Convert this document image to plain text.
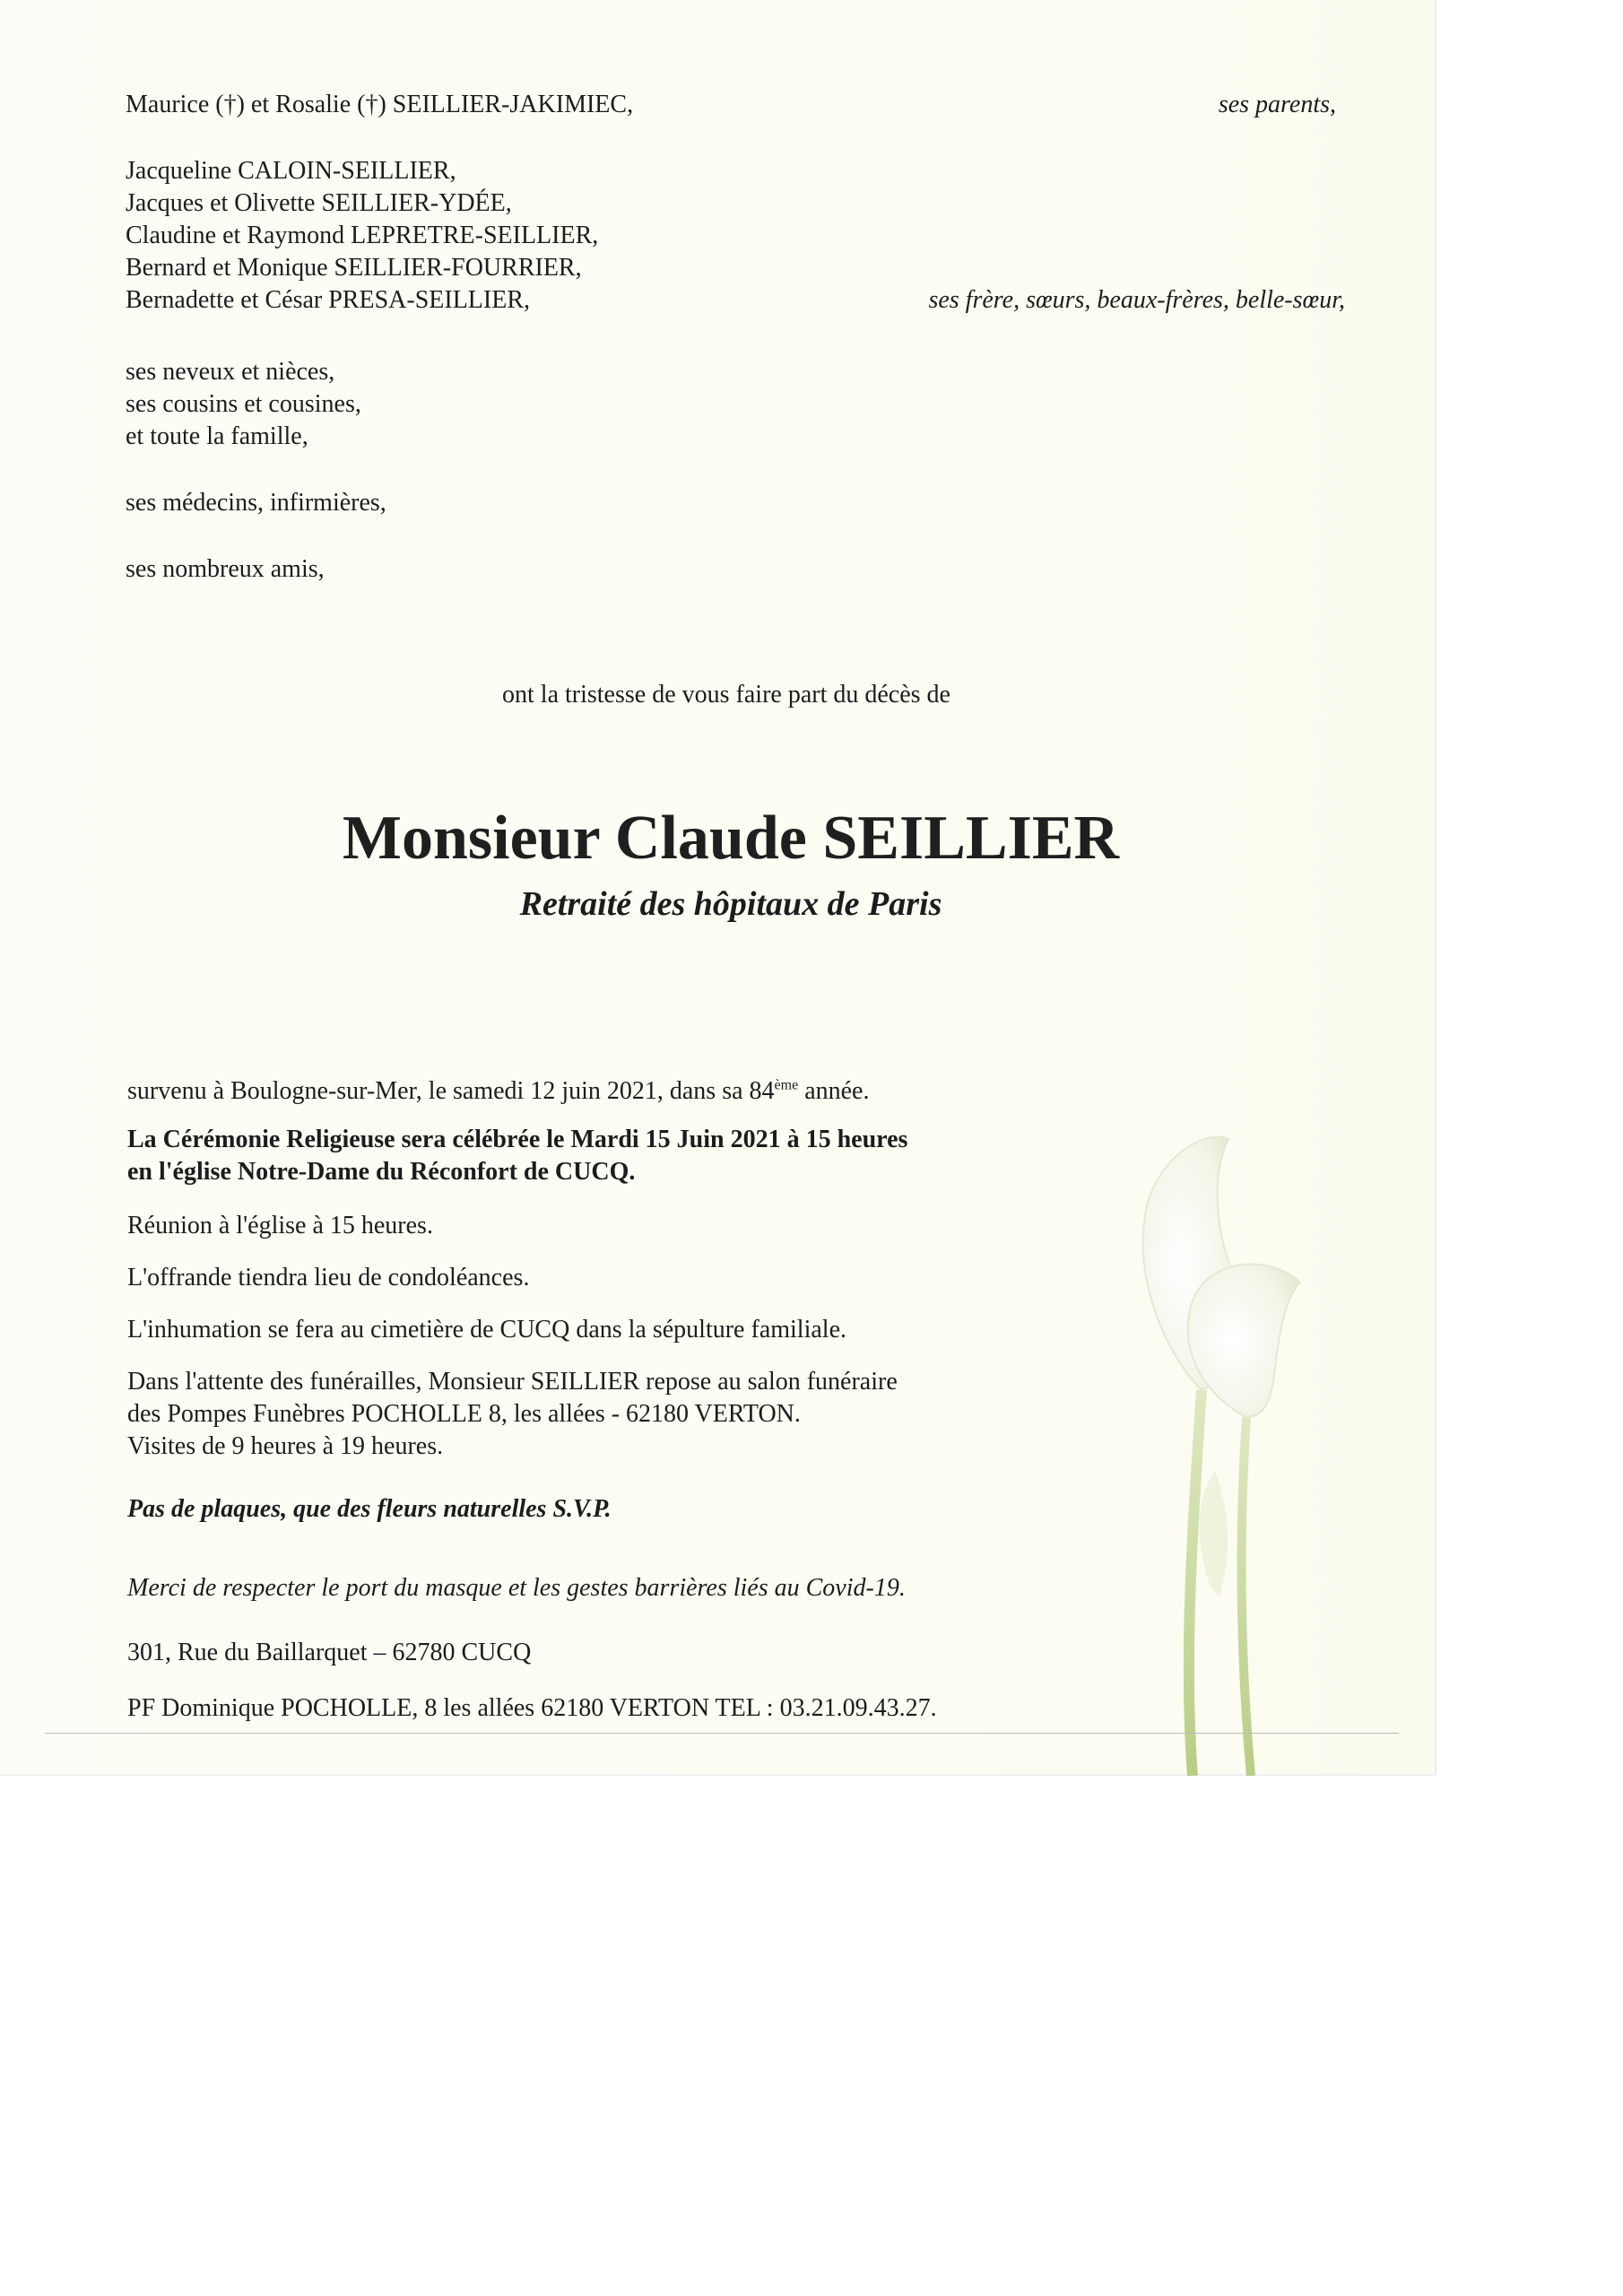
Maurice (†) et Rosalie (†) SEILLIER-JAKIMIEC,	ses parents,

Jacqueline CALOIN-SEILLIER,

Jacques et Olivette SEILLIER-YDÉE,

Claudine et Raymond LEPRETRE-SEILLIER,

Bernard et Monique SEILLIER-FOURRIER,

Bernadette et César PRESA-SEILLIER,	ses frère, sœurs, beaux-frères, belle-sœur,

ses neveux et nièces,

ses cousins et cousines,

et toute la famille,

ses médecins, infirmières,

ses nombreux amis,

ont la tristesse de vous faire part du décès de

Monsieur Claude SEILLIER

Retraité des hôpitaux de Paris

survenu à Boulogne-sur-Mer, le samedi 12 juin 2021, dans sa 84ème année.

La Cérémonie Religieuse sera célébrée le Mardi 15 Juin 2021 à 15 heures

en l'église Notre-Dame du Réconfort de CUCQ.

Réunion à l'église à 15 heures.

L'offrande tiendra lieu de condoléances.

L'inhumation se fera au cimetière de CUCQ dans la sépulture familiale.

Dans l'attente des funérailles, Monsieur SEILLIER repose au salon funéraire

des Pompes Funèbres POCHOLLE 8, les allées - 62180 VERTON.

Visites de 9 heures à 19 heures.

Pas de plaques, que des fleurs naturelles S.V.P.

Merci de respecter le port du masque et les gestes barrières liés au Covid-19.

301, Rue du Baillarquet – 62780 CUCQ

PF Dominique POCHOLLE, 8 les allées 62180 VERTON TEL : 03.21.09.43.27.
